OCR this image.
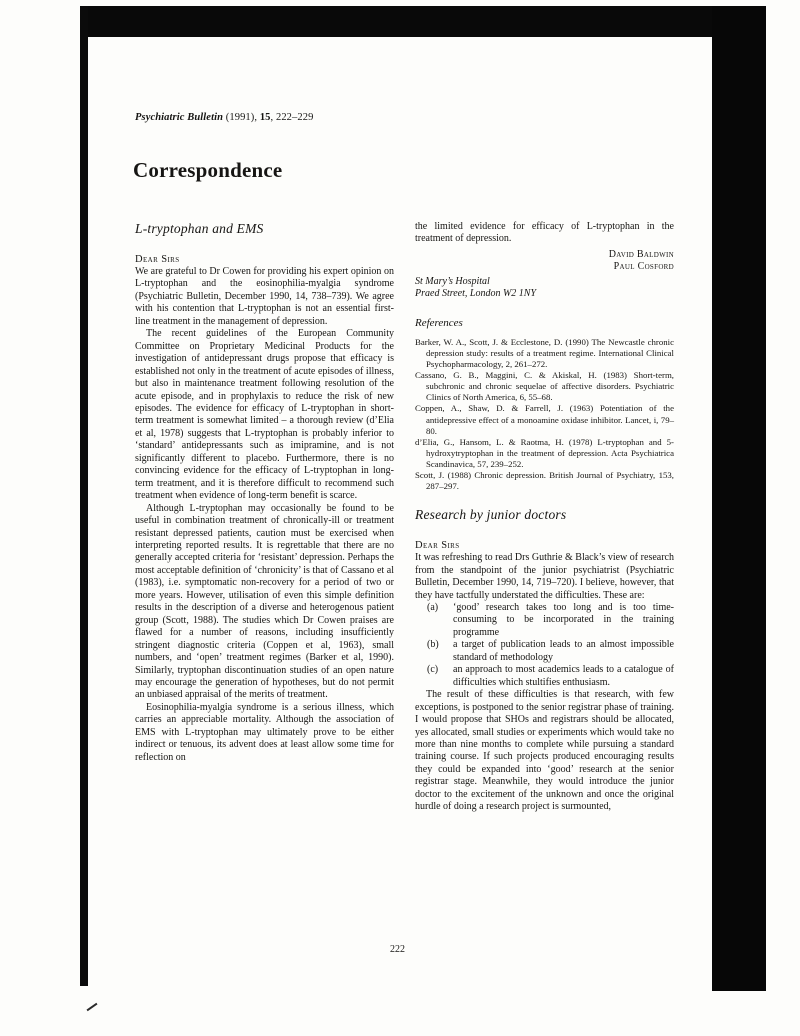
Psychiatric Bulletin (1991), 15, 222–229
Correspondence
L-tryptophan and EMS
Dear Sirs

We are grateful to Dr Cowen for providing his expert opinion on L-tryptophan and the eosinophilia-myalgia syndrome (Psychiatric Bulletin, December 1990, 14, 738–739). We agree with his contention that L-tryptophan is not an essential first-line treatment in the management of depression.

The recent guidelines of the European Community Committee on Proprietary Medicinal Products for the investigation of antidepressant drugs propose that efficacy is established not only in the treatment of acute episodes of illness, but also in maintenance treatment following resolution of the acute episode, and in prophylaxis to reduce the risk of new episodes. The evidence for efficacy of L-tryptophan in short-term treatment is somewhat limited – a thorough review (d’Elia et al, 1978) suggests that L-tryptophan is probably inferior to ‘standard’ antidepressants such as imipramine, and is not significantly different to placebo. Furthermore, there is no convincing evidence for the efficacy of L-tryptophan in long-term treatment, and it is therefore difficult to recommend such treatment when evidence of long-term benefit is scarce.

Although L-tryptophan may occasionally be found to be useful in combination treatment of chronically-ill or treatment resistant depressed patients, caution must be exercised when interpreting reported results. It is regrettable that there are no generally accepted criteria for ‘resistant’ depression. Perhaps the most acceptable definition of ‘chronicity’ is that of Cassano et al (1983), i.e. symptomatic non-recovery for a period of two or more years. However, utilisation of even this simple definition results in the description of a diverse and heterogenous patient group (Scott, 1988). The studies which Dr Cowen praises are flawed for a number of reasons, including insufficiently stringent diagnostic criteria (Coppen et al, 1963), small numbers, and ‘open’ treatment regimes (Barker et al, 1990). Similarly, tryptophan discontinuation studies of an open nature may encourage the generation of hypotheses, but do not permit an unbiased appraisal of the merits of treatment.

Eosinophilia-myalgia syndrome is a serious illness, which carries an appreciable mortality. Although the association of EMS with L-tryptophan may ultimately prove to be either indirect or tenuous, its advent does at least allow some time for reflection on

the limited evidence for efficacy of L-tryptophan in the treatment of depression.

David Baldwin
Paul Cosford
St Mary’s Hospital
Praed Street, London W2 1NY
References

Barker, W. A., Scott, J. & Ecclestone, D. (1990) The Newcastle chronic depression study: results of a treatment regime. International Clinical Psychopharmacology, 2, 261–272.

Cassano, G. B., Maggini, C. & Akiskal, H. (1983) Short-term, subchronic and chronic sequelae of affective disorders. Psychiatric Clinics of North America, 6, 55–68.

Coppen, A., Shaw, D. & Farrell, J. (1963) Potentiation of the antidepressive effect of a monoamine oxidase inhibitor. Lancet, i, 79–80.

d’Elia, G., Hansom, L. & Raotma, H. (1978) L-tryptophan and 5-hydroxytryptophan in the treatment of depression. Acta Psychiatrica Scandinavica, 57, 239–252.

Scott, J. (1988) Chronic depression. British Journal of Psychiatry, 153, 287–297.

Research by junior doctors
Dear Sirs

It was refreshing to read Drs Guthrie & Black’s view of research from the standpoint of the junior psychiatrist (Psychiatric Bulletin, December 1990, 14, 719–720). I believe, however, that they have tactfully understated the difficulties. These are:

(a)	‘good’ research takes too long and is too time-consuming to be incorporated in the training programme
(b)	a target of publication leads to an almost impossible standard of methodology
(c)	an approach to most academics leads to a catalogue of difficulties which stultifies enthusiasm.

The result of these difficulties is that research, with few exceptions, is postponed to the senior registrar phase of training. I would propose that SHOs and registrars should be allocated, yes allocated, small studies or experiments which would take no more than nine months to complete while pursuing a standard training course. If such projects produced encouraging results they could be expanded into ‘good’ research at the senior registrar stage. Meanwhile, they would introduce the junior doctor to the excitement of the unknown and once the original hurdle of doing a research project is surmounted,

222
